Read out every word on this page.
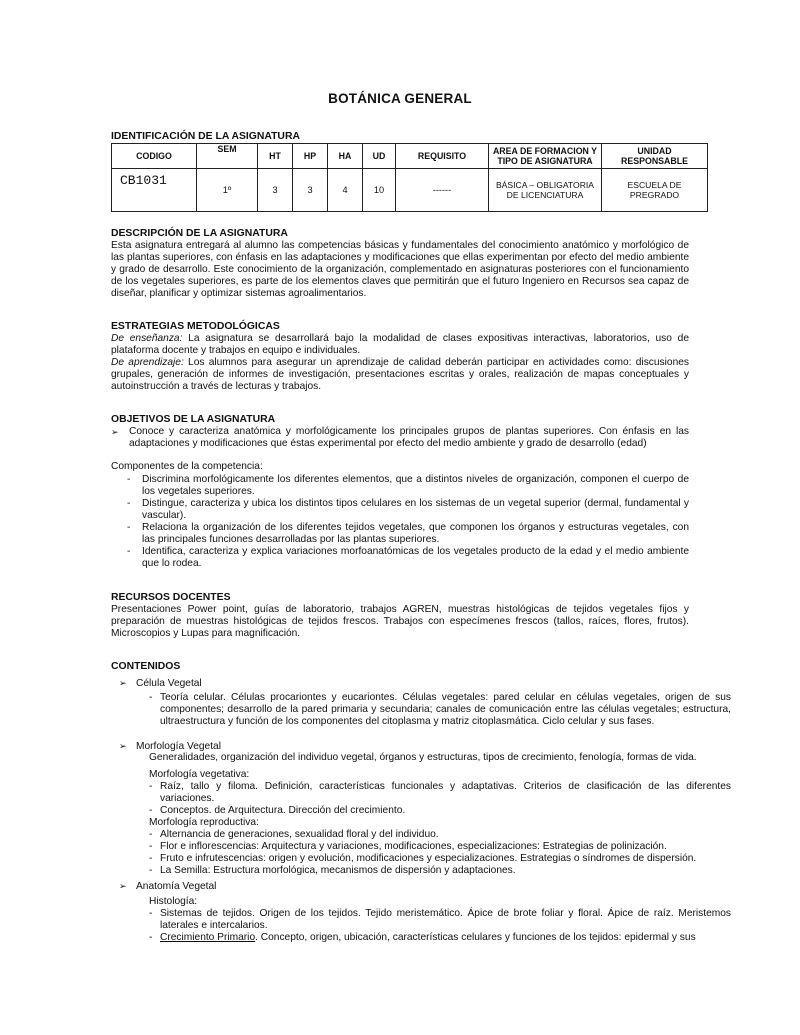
BOTÁNICA GENERAL
IDENTIFICACIÓN DE LA ASIGNATURA
CODIGO	SEM	HT	HP	HA	UD	REQUISITO	AREA DE FORMACION Y TIPO DE ASIGNATURA	UNIDAD RESPONSABLE
CB1031	1º	3	3	4	10	------	BÁSICA – OBLIGATORIA DE LICENCIATURA	ESCUELA DE PREGRADO
DESCRIPCIÓN DE LA ASIGNATURA

Esta asignatura entregará al alumno las competencias básicas y fundamentales del conocimiento anatómico y morfológico de las plantas superiores, con énfasis en las adaptaciones y modificaciones que ellas experimentan por efecto del medio ambiente y grado de desarrollo. Este conocimiento de la organización, complementado en asignaturas posteriores con el funcionamiento de los vegetales superiores, es parte de los elementos claves que permitirán que el futuro Ingeniero en Recursos sea capaz de diseñar, planificar y optimizar sistemas agroalimentarios.

ESTRATEGIAS METODOLÓGICAS

De enseñanza: La asignatura se desarrollará bajo la modalidad de clases expositivas interactivas, laboratorios, uso de plataforma docente y trabajos en equipo e individuales.

De aprendizaje: Los alumnos para asegurar un aprendizaje de calidad deberán participar en actividades como: discusiones grupales, generación de informes de investigación, presentaciones escritas y orales, realización de mapas conceptuales y autoinstrucción a través de lecturas y trabajos.

OBJETIVOS DE LA ASIGNATURA
➢ Conoce y caracteriza anatómica y morfológicamente los principales grupos de plantas superiores. Con énfasis en las adaptaciones y modificaciones que éstas experimental por efecto del medio ambiente y grado de desarrollo (edad)

Componentes de la competencia:

- Discrimina morfológicamente los diferentes elementos, que a distintos niveles de organización, componen el cuerpo de los vegetales superiores.
- Distingue, caracteriza y ubica los distintos tipos celulares en los sistemas de un vegetal superior (dermal, fundamental y vascular).
- Relaciona la organización de los diferentes tejidos vegetales, que componen los órganos y estructuras vegetales, con las principales funciones desarrolladas por las plantas superiores.
- Identifica, caracteriza y explica variaciones morfoanatómicas de los vegetales producto de la edad y el medio ambiente que lo rodea.
RECURSOS DOCENTES

Presentaciones Power point, guías de laboratorio, trabajos AGREN, muestras histológicas de tejidos vegetales fijos y preparación de muestras histológicas de tejidos frescos. Trabajos con especímenes frescos (tallos, raíces, flores, frutos). Microscopios y Lupas para magnificación.

CONTENIDOS
➢ Célula Vegetal
- Teoría celular. Células procariontes y eucariontes. Células vegetales: pared celular en células vegetales, origen de sus componentes; desarrollo de la pared primaria y secundaria; canales de comunicación entre las células vegetales; estructura, ultraestructura y función de los componentes del citoplasma y matriz citoplasmática. Ciclo celular y sus fases.
➢ Morfología Vegetal

Generalidades, organización del individuo vegetal, órganos y estructuras, tipos de crecimiento, fenología, formas de vida.

Morfología vegetativa:

- Raíz, tallo y filoma. Definición, características funcionales y adaptativas. Criterios de clasificación de las diferentes variaciones.
- Conceptos. de Arquitectura. Dirección del crecimiento.

Morfología reproductiva:

- Alternancia de generaciones, sexualidad floral y del individuo.
- Flor e inflorescencias: Arquitectura y variaciones, modificaciones, especializaciones: Estrategias de polinización.
- Fruto e infrutescencias: origen y evolución, modificaciones y especializaciones. Estrategias o síndromes de dispersión.
- La Semilla: Estructura morfológica, mecanismos de dispersión y adaptaciones.
➢ Anatomía Vegetal

Histología:

- Sistemas de tejidos. Origen de los tejidos. Tejido meristemático. Ápice de brote foliar y floral. Ápice de raíz. Meristemos laterales e intercalarios.
- Crecimiento Primario. Concepto, origen, ubicación, características celulares y funciones de los tejidos: epidermal y sus
